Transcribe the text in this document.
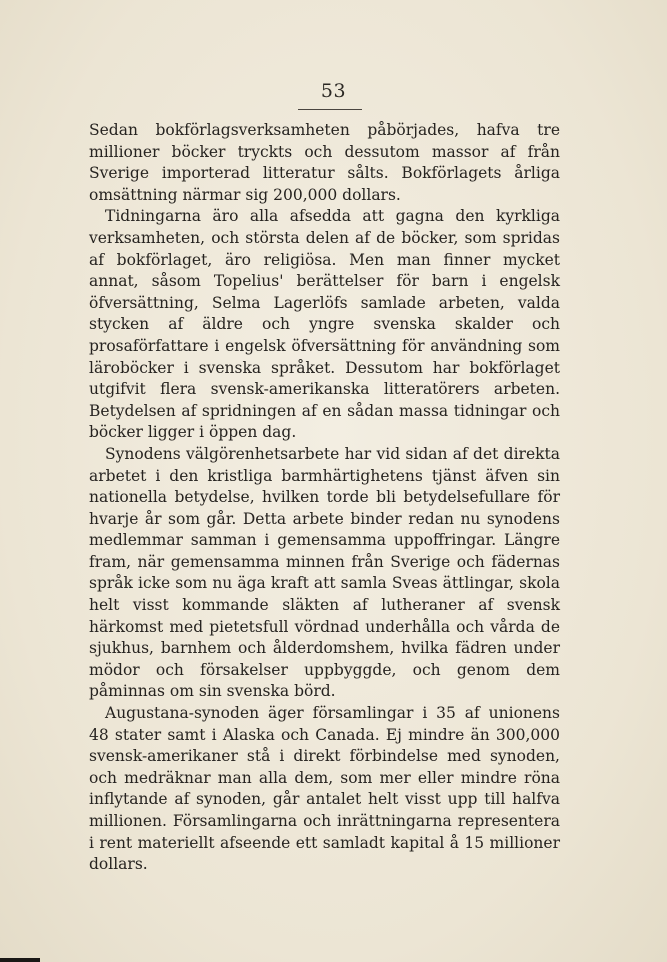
53

Sedan bokförlagsverksamheten påbörjades, hafva tre millioner böcker tryckts och dessutom massor af från Sverige importerad litteratur sålts. Bokförlagets årliga omsättning närmar sig 200,000 dollars.

Tidningarna äro alla afsedda att gagna den kyrkliga verksamheten, och största delen af de böcker, som spridas af bokförlaget, äro religiösa. Men man finner mycket annat, såsom Topelius' berättelser för barn i engelsk öfversättning, Selma Lagerlöfs samlade arbeten, valda stycken af äldre och yngre svenska skalder och prosaförfattare i engelsk öfversättning för användning som läroböcker i svenska språket. Dessutom har bokförlaget utgifvit flera svensk-amerikanska litteratörers arbeten. Betydelsen af spridningen af en sådan massa tidningar och böcker ligger i öppen dag.

Synodens välgörenhetsarbete har vid sidan af det direkta arbetet i den kristliga barmhärtighetens tjänst äfven sin nationella betydelse, hvilken torde bli betydelsefullare för hvarje år som går. Detta arbete binder redan nu synodens medlemmar samman i gemensamma uppoffringar. Längre fram, när gemensamma minnen från Sverige och fädernas språk icke som nu äga kraft att samla Sveas ättlingar, skola helt visst kommande släkten af lutheraner af svensk härkomst med pietetsfull vördnad underhålla och vårda de sjukhus, barnhem och ålderdomshem, hvilka fädren under mödor och försakelser uppbyggde, och genom dem påminnas om sin svenska börd.

Augustana-synoden äger församlingar i 35 af unionens 48 stater samt i Alaska och Canada. Ej mindre än 300,000 svensk-amerikaner stå i direkt förbindelse med synoden, och medräknar man alla dem, som mer eller mindre röna inflytande af synoden, går antalet helt visst upp till halfva millionen. Församlingarna och inrättningarna representera i rent materiellt afseende ett samladt kapital å 15 millioner dollars.
